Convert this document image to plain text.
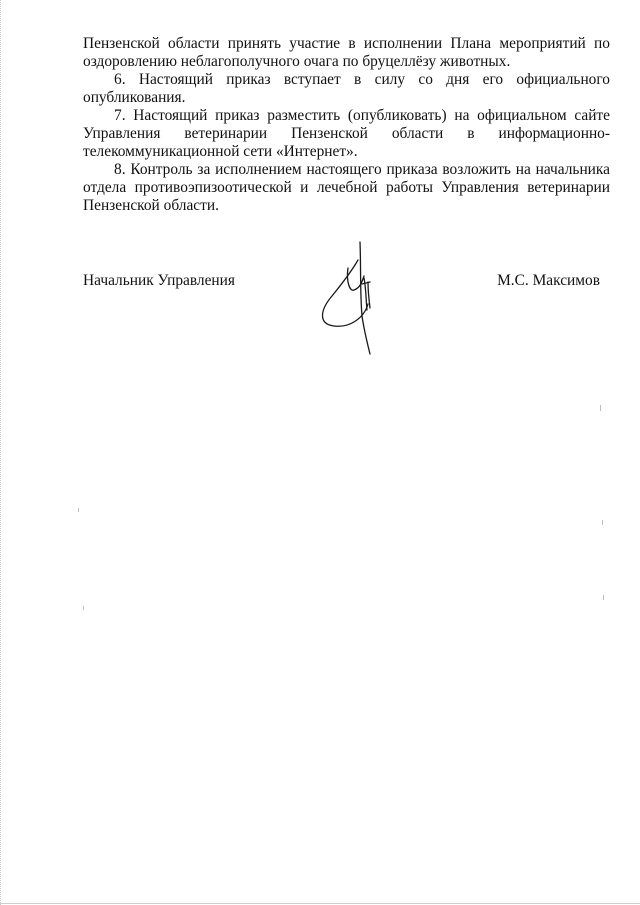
Пензенской области принять участие в исполнении Плана мероприятий по оздоровлению неблагополучного очага по бруцеллёзу животных.

6. Настоящий приказ вступает в силу со дня его официального опубликования.

7. Настоящий приказ разместить (опубликовать) на официальном сайте Управления ветеринарии Пензенской области в информационно-телекоммуникационной сети «Интернет».

8. Контроль за исполнением настоящего приказа возложить на начальника отдела противоэпизоотической и лечебной работы Управления ветеринарии Пензенской области.

Начальник Управления	М.С. Максимов
